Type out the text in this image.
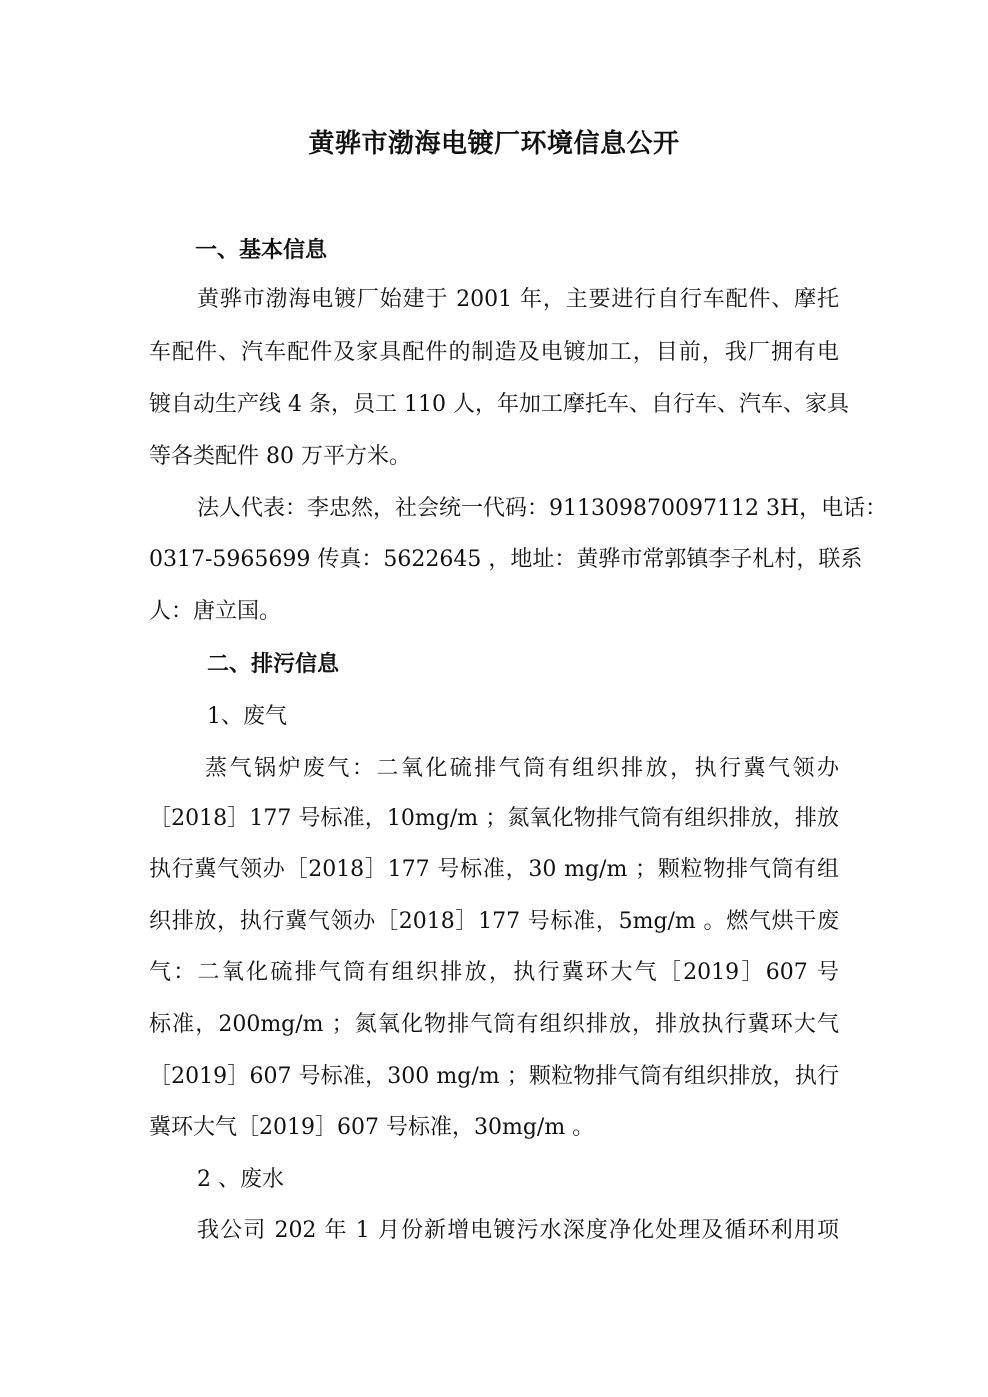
黄骅市渤海电镀厂环境信息公开
一、基本信息
黄骅市渤海电镀厂始建于 2001 年，主要进行自行车配件、摩托
车配件、汽车配件及家具配件的制造及电镀加工，目前，我厂拥有电
镀自动生产线 4 条，员工 110 人，年加工摩托车、自行车、汽车、家具
等各类配件 80 万平方米。
法人代表：李忠然，社会统一代码：911309870097112 3H，电话：
0317-5965699 传真：5622645 ，地址：黄骅市常郭镇李子札村，联系
人：唐立国。
二、排污信息
1、废气
蒸气锅炉废气：二氧化硫排气筒有组织排放，执行冀气领办
［2018］177 号标准，10mg/m ；氮氧化物排气筒有组织排放，排放
执行冀气领办［2018］177 号标准，30 mg/m ；颗粒物排气筒有组
织排放，执行冀气领办［2018］177 号标准，5mg/m 。燃气烘干废
气：二氧化硫排气筒有组织排放，执行冀环大气［2019］607 号
标准，200mg/m ；氮氧化物排气筒有组织排放，排放执行冀环大气
［2019］607 号标准，300 mg/m ；颗粒物排气筒有组织排放，执行
冀环大气［2019］607 号标准，30mg/m 。
2 、废水
我公司 202 年 1 月份新增电镀污水深度净化处理及循环利用项
